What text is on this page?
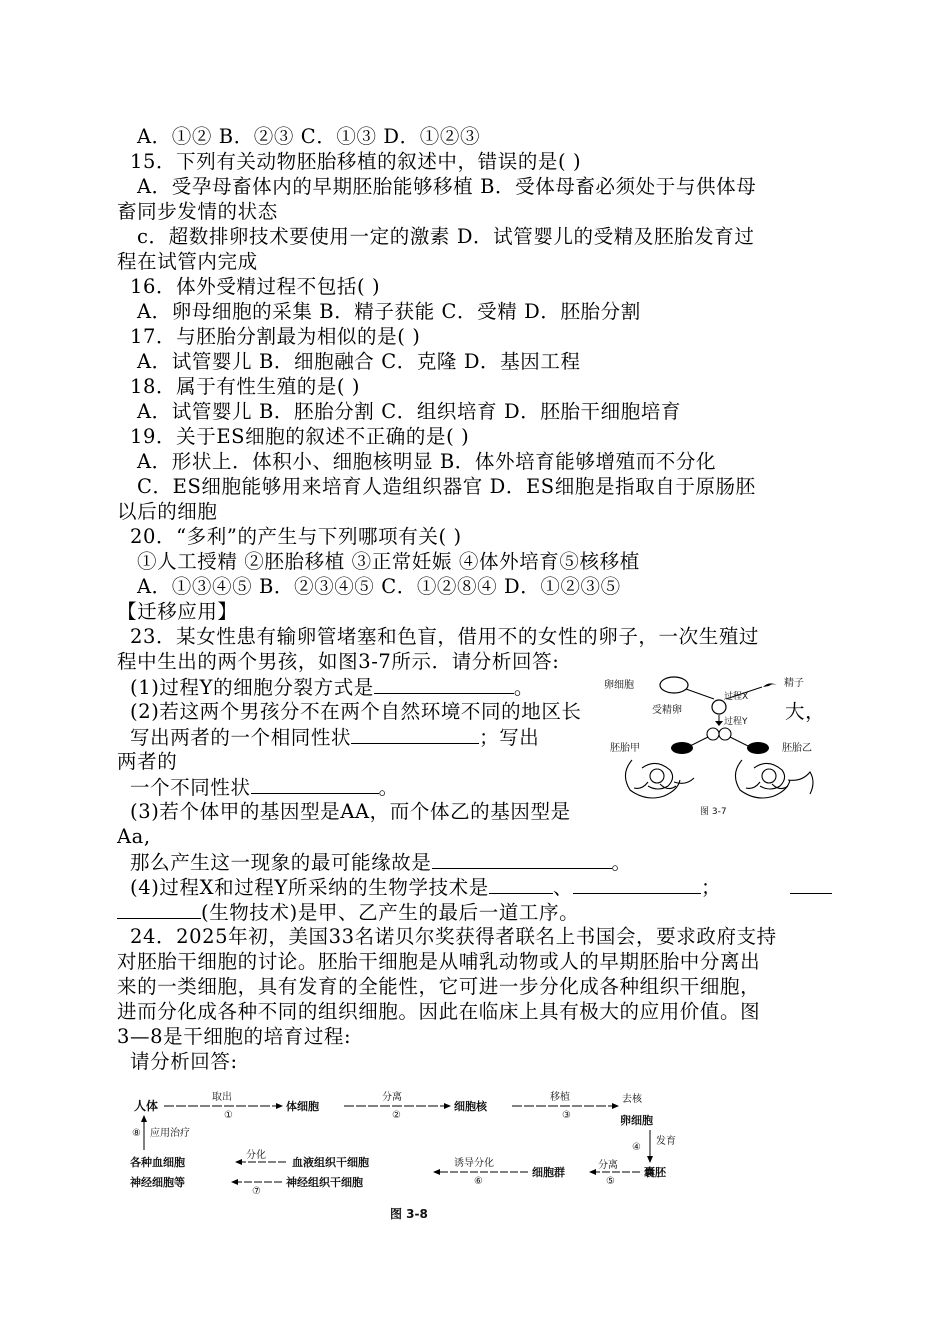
A．①② B．②③ C．①③ D．①②③
15．下列有关动物胚胎移植的叙述中，错误的是( )
A．受孕母畜体内的早期胚胎能够移植 B．受体母畜必须处于与供体母
畜同步发情的状态
c．超数排卵技术要使用一定的激素 D．试管婴儿的受精及胚胎发育过
程在试管内完成
16．体外受精过程不包括( )
A．卵母细胞的采集 B．精子获能 C．受精 D．胚胎分割
17．与胚胎分割最为相似的是( )
A．试管婴儿 B．细胞融合 C．克隆 D．基因工程
18．属于有性生殖的是( )
A．试管婴儿 B．胚胎分割 C．组织培育 D．胚胎干细胞培育
19．关于ES细胞的叙述不正确的是( )
A．形状上．体积小、细胞核明显 B．体外培育能够增殖而不分化
C．ES细胞能够用来培育人造组织器官 D．ES细胞是指取自于原肠胚
以后的细胞
20．“多利”的产生与下列哪项有关( )
①人工授精 ②胚胎移植 ③正常妊娠 ④体外培育⑤核移植
A．①③④⑤ B．②③④⑤ C．①②⑧④ D．①②③⑤
【迁移应用】
23．某女性患有输卵管堵塞和色盲，借用不的女性的卵子，一次生殖过
程中生出的两个男孩，如图3-7所示．请分析回答:
(1)过程Y的细胞分裂方式是	。
(2)若这两个男孩分不在两个自然环境不同的地区长	大，
写出两者的一个相同性状	；写出
两者的
一个不同性状	。
(3)若个体甲的基因型是AA，而个体乙的基因型是
Aa,
那么产生这一现象的最可能缘故是	。
(4)过程X和过程Y所采纳的生物学技术是	、	；
(生物技术)是甲、乙产生的最后一道工序。
24．2025年初，美国33名诺贝尔奖获得者联名上书国会，要求政府支持
对胚胎干细胞的讨论。胚胎干细胞是从哺乳动物或人的早期胚胎中分离出
来的一类细胞，具有发育的全能性，它可进一步分化成各种组织干细胞，
进而分化成各种不同的组织细胞。因此在临床上具有极大的应用价值。图
3—8是干细胞的培育过程:
请分析回答:
卵细胞	精子
过程X
受精卵
过程Y
胚胎甲	胚胎乙
图 3-7
人体
取出
①
体细胞
分离
②
细胞核
移植
③
去核
卵细胞
④
发育
囊胚
分离
⑤
细胞群
诱导分化
⑥
血液组织干细胞
神经组织干细胞
分化
⑦
各种血细胞
神经细胞等
⑧ 应用治疗
图 3-8
